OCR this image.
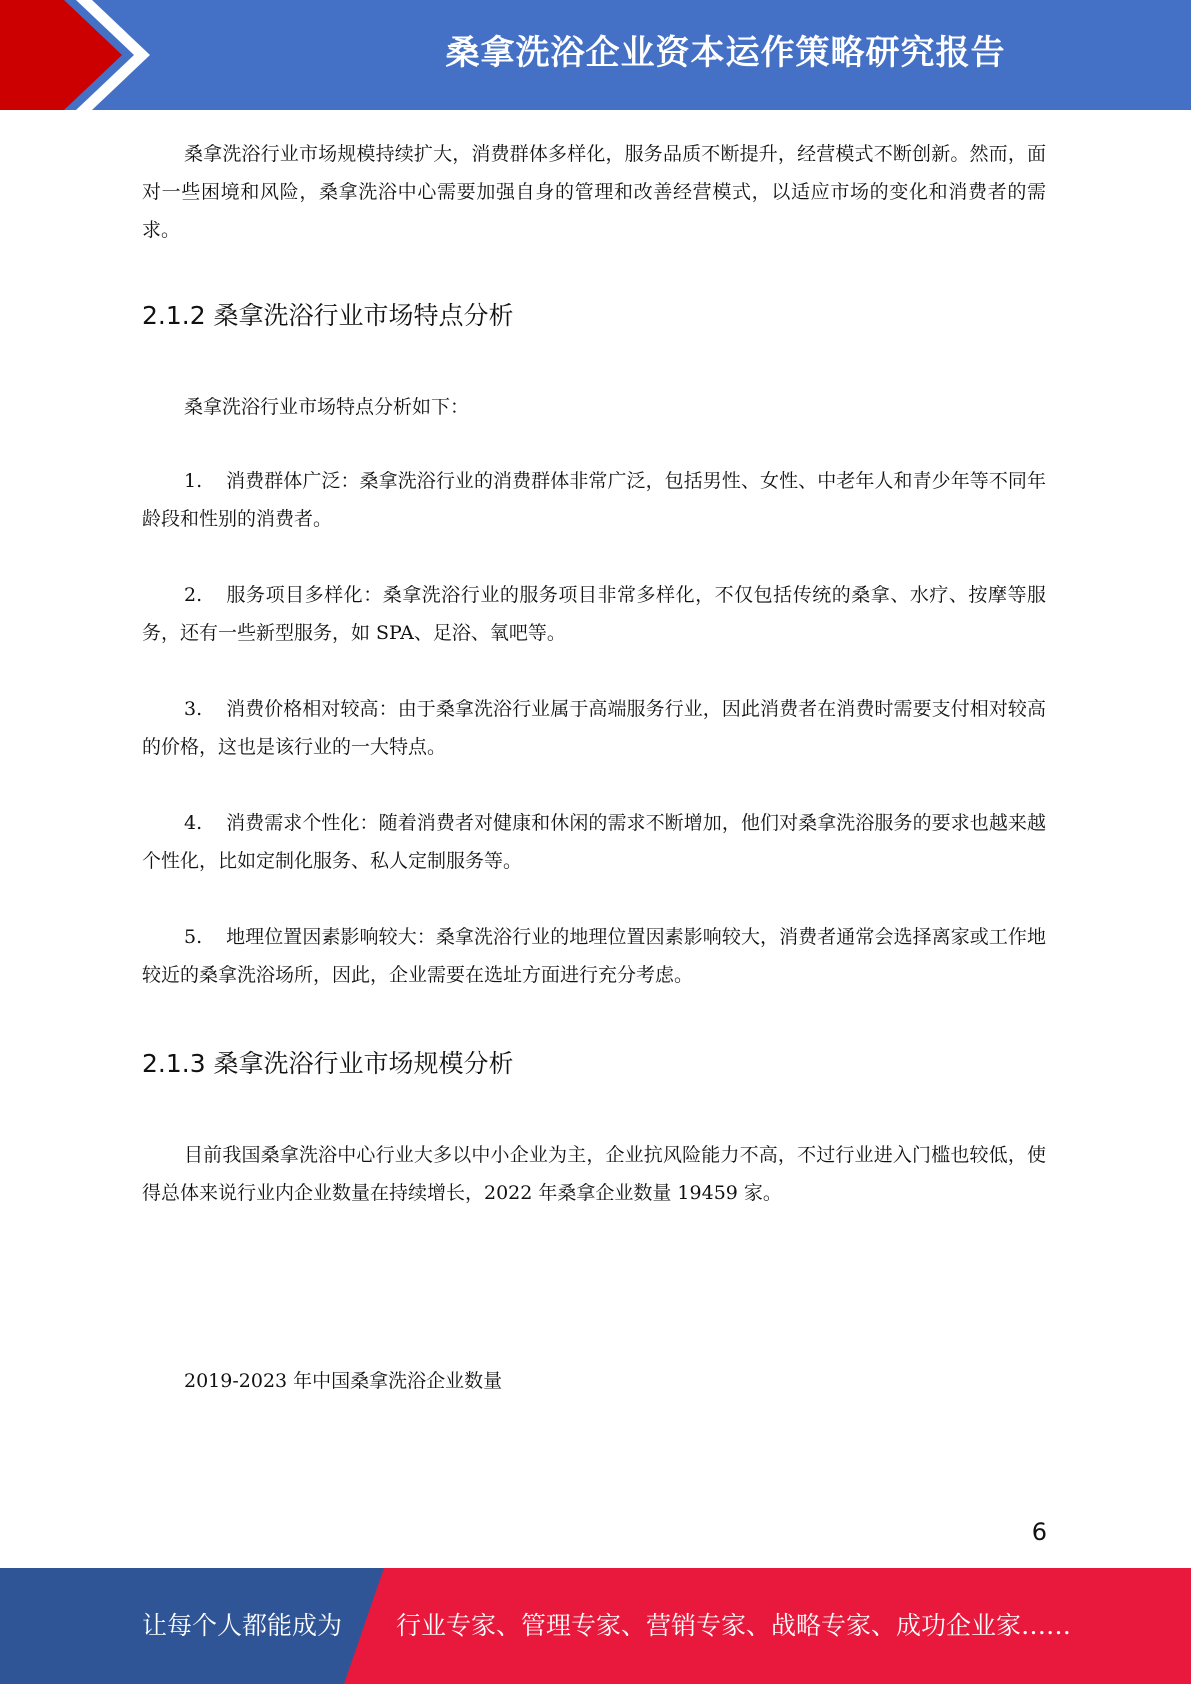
桑拿洗浴企业资本运作策略研究报告

桑拿洗浴行业市场规模持续扩大，消费群体多样化，服务品质不断提升，经营模式不断创新。然而，面对一些困境和风险，桑拿洗浴中心需要加强自身的管理和改善经营模式，以适应市场的变化和消费者的需求。

2.1.2 桑拿洗浴行业市场特点分析

桑拿洗浴行业市场特点分析如下：

1. 消费群体广泛：桑拿洗浴行业的消费群体非常广泛，包括男性、女性、中老年人和青少年等不同年龄段和性别的消费者。

2. 服务项目多样化：桑拿洗浴行业的服务项目非常多样化，不仅包括传统的桑拿、水疗、按摩等服务，还有一些新型服务，如 SPA、足浴、氧吧等。

3. 消费价格相对较高：由于桑拿洗浴行业属于高端服务行业，因此消费者在消费时需要支付相对较高的价格，这也是该行业的一大特点。

4. 消费需求个性化：随着消费者对健康和休闲的需求不断增加，他们对桑拿洗浴服务的要求也越来越个性化，比如定制化服务、私人定制服务等。

5. 地理位置因素影响较大：桑拿洗浴行业的地理位置因素影响较大，消费者通常会选择离家或工作地较近的桑拿洗浴场所，因此，企业需要在选址方面进行充分考虑。

2.1.3 桑拿洗浴行业市场规模分析

目前我国桑拿洗浴中心行业大多以中小企业为主，企业抗风险能力不高，不过行业进入门槛也较低，使得总体来说行业内企业数量在持续增长，2022 年桑拿企业数量 19459 家。

2019-2023 年中国桑拿洗浴企业数量

6
让每个人都能成为 行业专家、管理专家、营销专家、战略专家、成功企业家……
